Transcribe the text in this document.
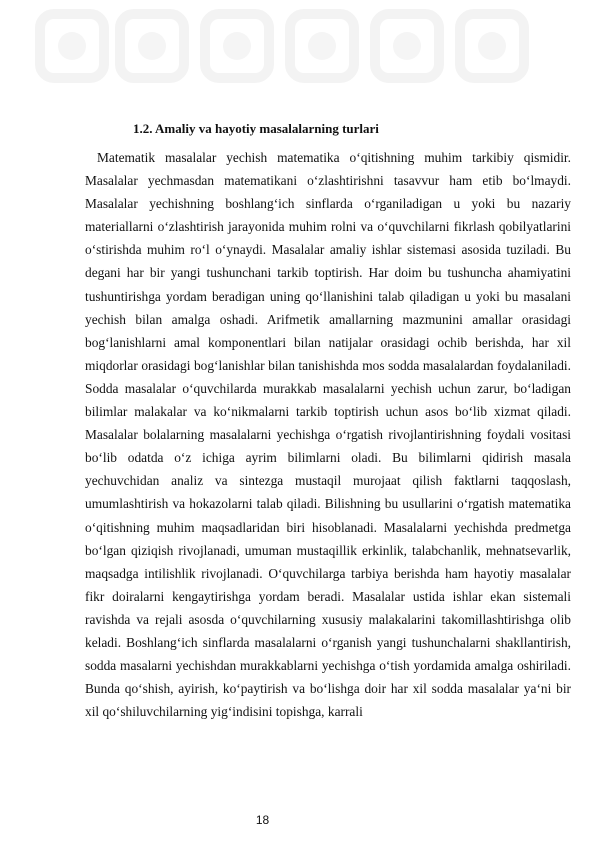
1.2. Amaliy va hayotiy masalalarning turlari

Matematik masalalar yechish matematika o‘qitishning muhim tarkibiy qismidir. Masalalar yechmasdan matematikani o‘zlashtirishni tasavvur ham etib bo‘lmaydi. Masalalar yechishning boshlang‘ich sinflarda o‘rganiladigan u yoki bu nazariy materiallarni o‘zlashtirish jarayonida muhim rolni va o‘quvchilarni fikrlash qobilyatlarini o‘stirishda muhim ro‘l o‘ynaydi. Masalalar amaliy ishlar sistemasi asosida tuziladi. Bu degani har bir yangi tushunchani tarkib toptirish. Har doim bu tushuncha ahamiyatini tushuntirishga yordam beradigan uning qo‘llanishini talab qiladigan u yoki bu masalani yechish bilan amalga oshadi. Arifmetik amallarning mazmunini amallar orasidagi bog‘lanishlarni amal komponentlari bilan natijalar orasidagi ochib berishda, har xil miqdorlar orasidagi bog‘lanishlar bilan tanishishda mos sodda masalalardan foydalaniladi. Sodda masalalar o‘quvchilarda murakkab masalalarni yechish uchun zarur, bo‘ladigan bilimlar malakalar va ko‘nikmalarni tarkib toptirish uchun asos bo‘lib xizmat qiladi. Masalalar bolalarning masalalarni yechishga o‘rgatish rivojlantirishning foydali vositasi bo‘lib odatda o‘z ichiga ayrim bilimlarni oladi. Bu bilimlarni qidirish masala yechuvchidan analiz va sintezga mustaqil murojaat qilish faktlarni taqqoslash, umumlashtirish va hokazolarni talab qiladi. Bilishning bu usullarini o‘rgatish matematika o‘qitishning muhim maqsadlaridan biri hisoblanadi. Masalalarni yechishda predmetga bo‘lgan qiziqish rivojlanadi, umuman mustaqillik erkinlik, talabchanlik, mehnatsevarlik, maqsadga intilishlik rivojlanadi. O‘quvchilarga tarbiya berishda ham hayotiy masalalar fikr doiralarni kengaytirishga yordam beradi. Masalalar ustida ishlar ekan sistemali ravishda va rejali asosda o‘quvchilarning xususiy malakalarini takomillashtirishga olib keladi. Boshlang‘ich sinflarda masalalarni o‘rganish yangi tushunchalarni shakllantirish, sodda masalarni yechishdan murakkablarni yechishga o‘tish yordamida amalga oshiriladi. Bunda qo‘shish, ayirish, ko‘paytirish va bo‘lishga doir har xil sodda masalalar ya‘ni bir xil qo‘shiluvchilarning yig‘indisini topishga, karrali

18
